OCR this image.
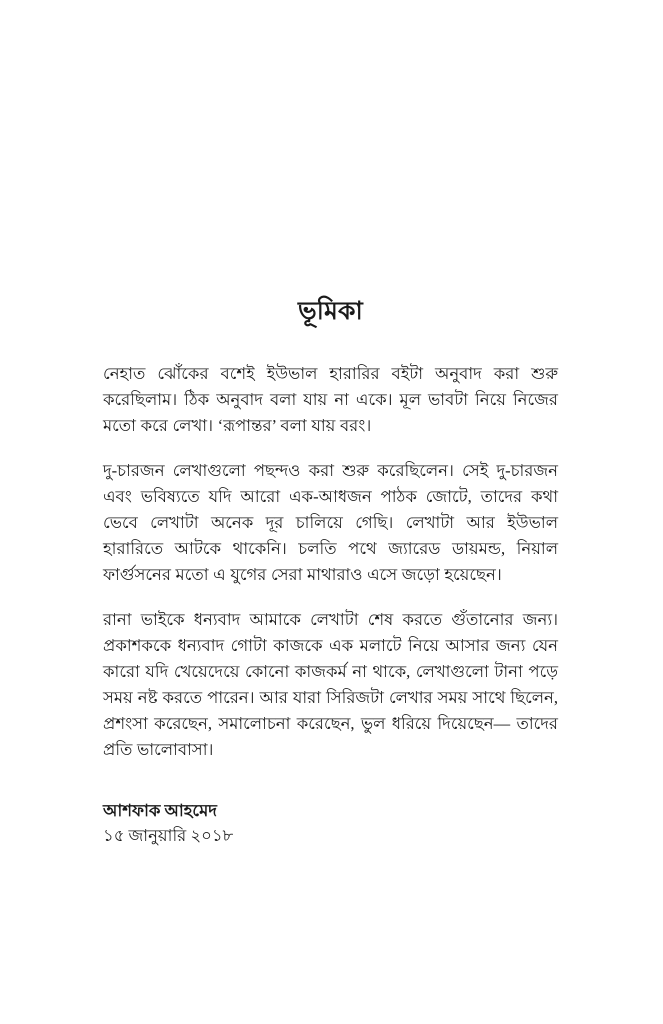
ভূমিকা

নেহাত ঝোঁকের বশেই ইউভাল হারারির বইটা অনুবাদ করা শুরু করেছিলাম। ঠিক অনুবাদ বলা যায় না একে। মূল ভাবটা নিয়ে নিজের মতো করে লেখা। ‘রূপান্তর’ বলা যায় বরং।

দু-চারজন লেখাগুলো পছন্দও করা শুরু করেছিলেন। সেই দু-চারজন এবং ভবিষ্যতে যদি আরো এক-আধজন পাঠক জোটে, তাদের কথা ভেবে লেখাটা অনেক দূর চালিয়ে গেছি। লেখাটা আর ইউভাল হারারিতে আটকে থাকেনি। চলতি পথে জ্যারেড ডায়মন্ড, নিয়াল ফার্গুসনের মতো এ যুগের সেরা মাথারাও এসে জড়ো হয়েছেন।

রানা ভাইকে ধন্যবাদ আমাকে লেখাটা শেষ করতে গুঁতানোর জন্য। প্রকাশককে ধন্যবাদ গোটা কাজকে এক মলাটে নিয়ে আসার জন্য যেন কারো যদি খেয়েদেয়ে কোনো কাজকর্ম না থাকে, লেখাগুলো টানা পড়ে সময় নষ্ট করতে পারেন। আর যারা সিরিজটা লেখার সময় সাথে ছিলেন, প্রশংসা করেছেন, সমালোচনা করেছেন, ভুল ধরিয়ে দিয়েছেন— তাদের প্রতি ভালোবাসা।

আশফাক আহমেদ

১৫ জানুয়ারি ২০১৮
